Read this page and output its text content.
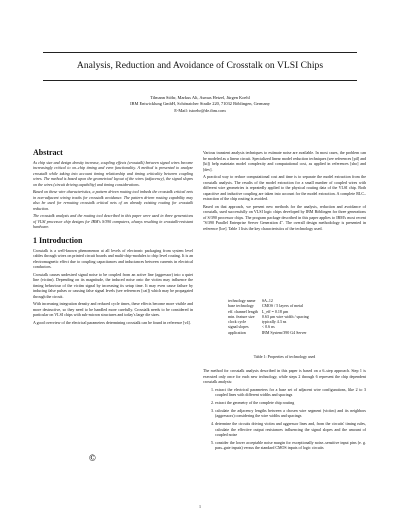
Analysis, Reduction and Avoidance of Crosstalk on VLSI Chips
Tilmann Stöhr, Markus Alt, Asmus Hetzel, Jürgen Koehl
IBM Entwicklung GmbH, Schönaicher Straße 220, 71032 Böblingen, Germany
E-Mail: tstoehr@de.ibm.com
Abstract

As chip size and design density increase, coupling effects (crosstalk) between signal wires become increasingly critical to on–chip timing and even functionality. A method is presented to analyze crosstalk while taking into account timing relationship and timing criticality between coupling wires. The method is based upon the geometrical layout of the wires (adjacency), the signal slopes on the wires (circuit driving capability) and timing considerations.

Based on these wire characteristics, a pattern driven routing tool imbeds the crosstalk critical nets in non-adjacent wiring tracks for crosstalk avoidance. The pattern driven routing capability may also be used for rerouting crosstalk critical nets of an already existing routing for crosstalk reduction.

The crosstalk analysis and the routing tool described in this paper were used in three generations of VLSI processor chip designs for IBM's S/390 computers, always resulting in crosstalk-resistant hardware.

1 Introduction

Crosstalk is a well-known phenomenon at all levels of electronic packaging from system level cables through wires on printed circuit boards and multi-chip-modules to chip level routing. It is an electromagnetic effect due to coupling capacitances and inductances between currents in electrical conductors.

Crosstalk causes undesired signal noise to be coupled from an active line (aggressor) into a quiet line (victim). Depending on its magnitude, the induced noise onto the victim may influence the timing behaviour of the victim signal by increasing its setup time. It may even cause failure by inducing false pulses or causing false signal levels (see references [cai]) which may be propagated through the circuit.

With increasing integration density and reduced cycle times, these effects become more visible and more destructive, so they need to be handled more carefully. Crosstalk needs to be considered in particular on VLSI chips with sub-micron structures and today's large die sizes.

A good overview of the electrical parameters determining crosstalk can be found in reference [v4].

Various transient analysis techniques to estimate noise are available. In most cases, the problem can be modeled as a linear circuit. Specialized linear model reduction techniques (see references [pil] and [ki]) help maintain model complexity and computational cost, as applied in references [sho] and [dev].

A practical way to reduce computational cost and time is to separate the model extraction from the crosstalk analysis. The results of the model extraction for a small number of coupled wires with different wire geometries is repeatedly applied to the physical routing data of the VLSI chip. Both capacitive and inductive coupling are taken into account for the model extraction. A complete RLC–extraction of the chip routing is avoided.

Based on that approach, we present new methods for the analysis, reduction and avoidance of crosstalk, used successfully on VLSI logic chips developed by IBM Böblingen for three generations of S/390 processor chips. The program package described in this paper applies to IBM's most recent "S/390 Parallel Enterprise Server Generation 4". The overall design methodology is presented in reference [loe]. Table 1 lists the key characteristics of the technology used.

technology name	SA–12
base technology	CMOS / 5 layers of metal
eff. channel length	L_eff = 0.18 µm
min. feature size	0.63 µm wire width / spacing
clock cycle	typically 4.3 ns
signal slopes	< 0.6 ns
application	IBM System/390 G4 Server
Table 1: Properties of technology used

The method for crosstalk analysis described in this paper is based on a 6–step approach. Step 1 is executed only once for each new technology, while steps 2 through 6 represent the chip dependent crosstalk analysis:

1. extract the electrical parameters for a base set of adjacent wire configurations, like 2 to 3 coupled lines with different widths and spacings
2. extract the geometry of the complete chip routing
3. calculate the adjacency lengths between a chosen wire segment (victim) and its neighbors (aggressors) considering the wire widths and spacings
4. determine the circuits driving victim and aggressor lines and, from the circuits' timing rules, calculate the effective output resistances influencing the signal slopes and the amount of coupled noise
5. consider the lower acceptable noise margin for exceptionally noise–sensitive input pins (e. g. pass–gate inputs) versus the standard CMOS inputs of logic circuits
©
1
